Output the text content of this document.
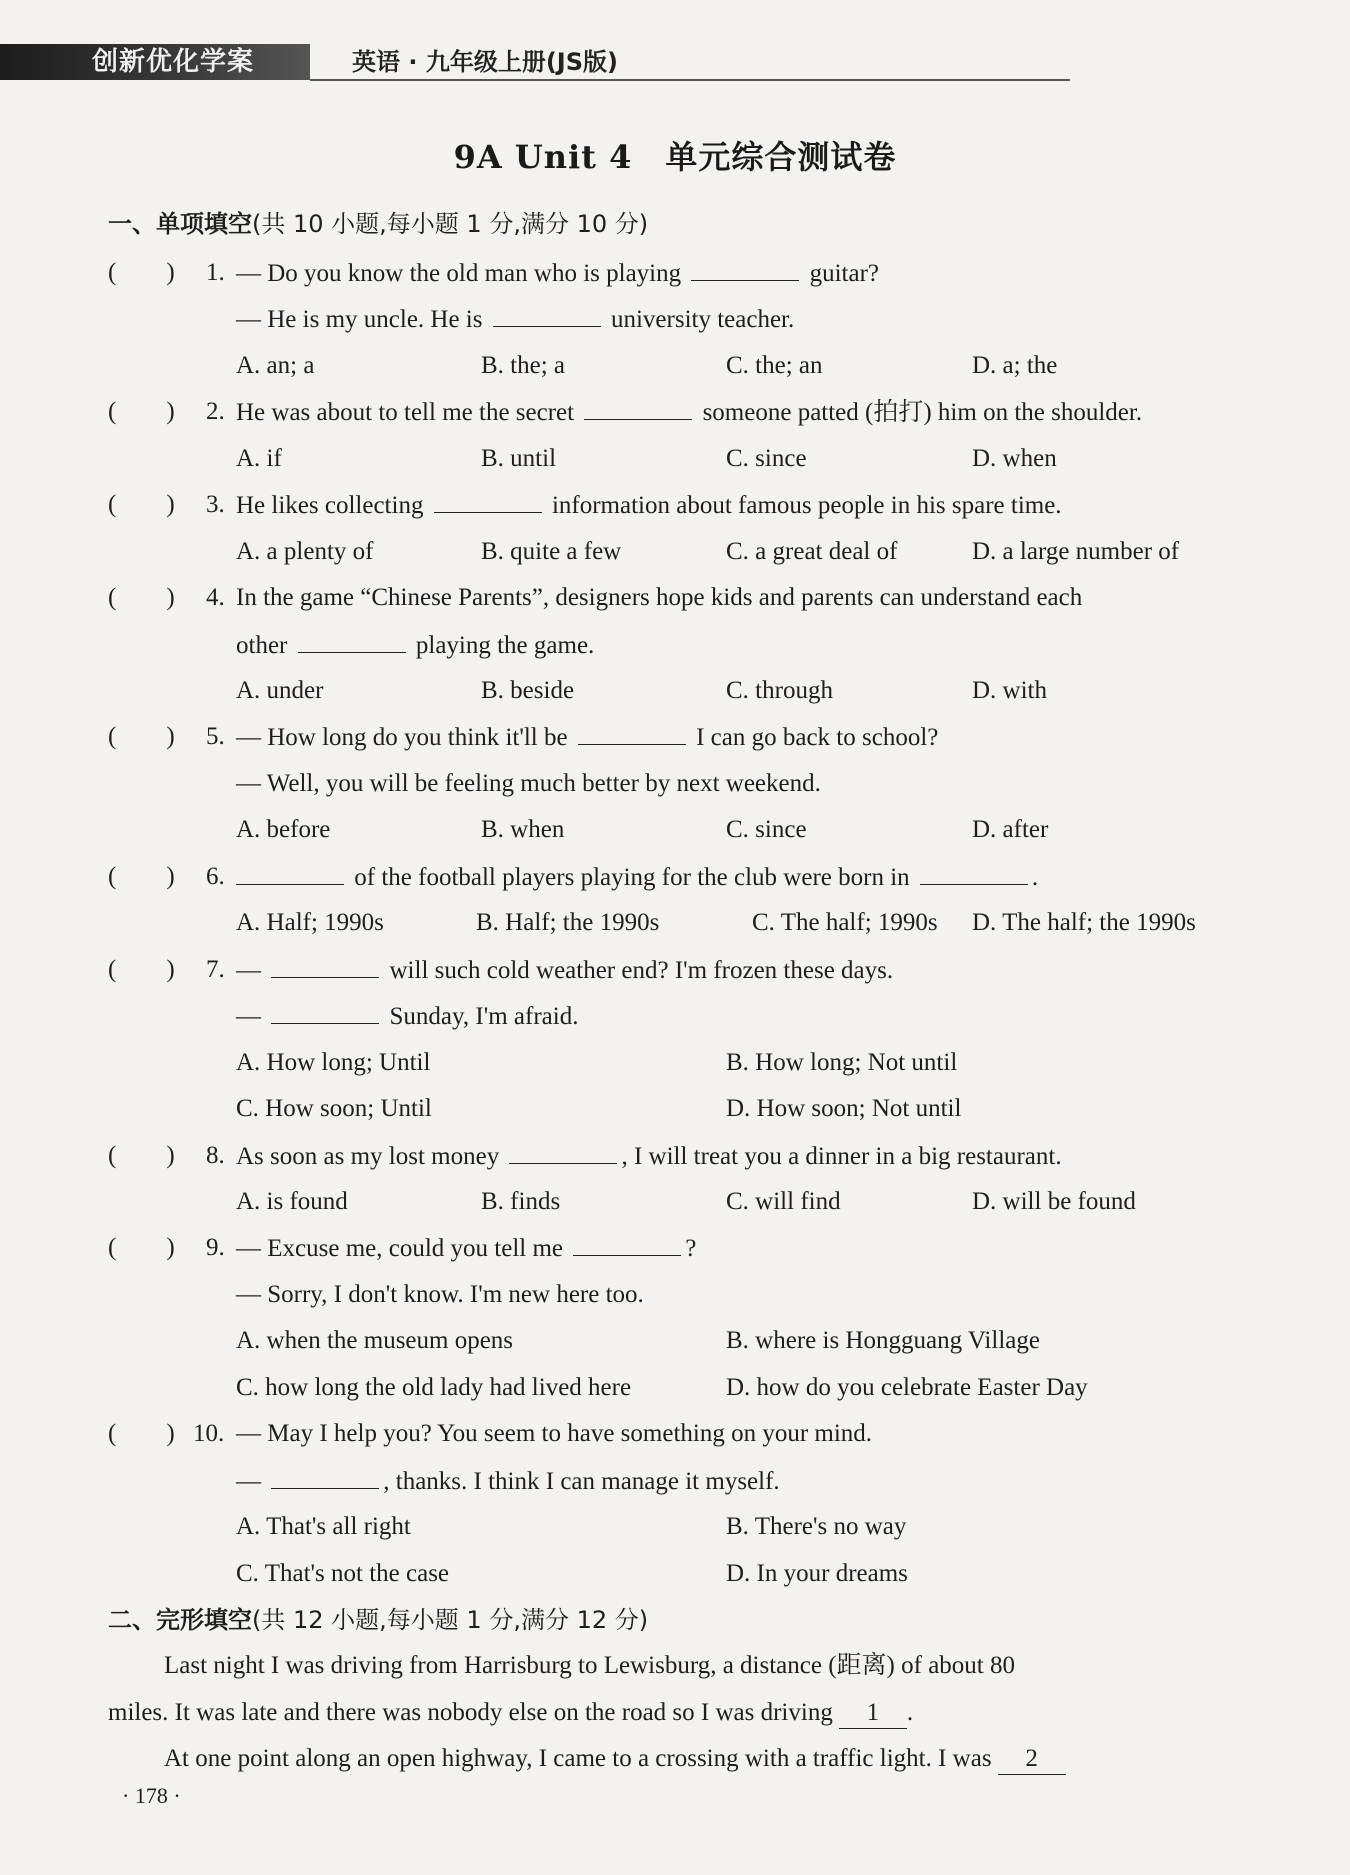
创新优化学案	英语 · 九年级上册(JS版)
9A Unit 4　单元综合测试卷
一、单项填空(共 10 小题,每小题 1 分,满分 10 分)
(　　) 1. — Do you know the old man who is playing	guitar?
— He is my uncle. He is	university teacher.
A. an; a	B. the; a	C. the; an	D. a; the
(　　) 2. He was about to tell me the secret	someone patted (拍打) him on the shoulder.
A. if	B. until	C. since	D. when
(　　) 3. He likes collecting	information about famous people in his spare time.
A. a plenty of	B. quite a few	C. a great deal of	D. a large number of
(　　) 4. In the game “Chinese Parents”, designers hope kids and parents can understand each
other	playing the game.
A. under	B. beside	C. through	D. with
(　　) 5. — How long do you think it'll be	I can go back to school?
— Well, you will be feeling much better by next weekend.
A. before	B. when	C. since	D. after
(　　) 6.	of the football players playing for the club were born in	.
A. Half; 1990s	B. Half; the 1990s	C. The half; 1990s D. The half; the 1990s
(　　) 7. —	will such cold weather end? I'm frozen these days.
—	Sunday, I'm afraid.
A. How long; Until	B. How long; Not until
C. How soon; Until	D. How soon; Not until
(　　) 8. As soon as my lost money	, I will treat you a dinner in a big restaurant.
A. is found	B. finds	C. will find	D. will be found
(　　) 9. — Excuse me, could you tell me	?
— Sorry, I don't know. I'm new here too.
A. when the museum opens	B. where is Hongguang Village
C. how long the old lady had lived here	D. how do you celebrate Easter Day
(　　) 10. — May I help you? You seem to have something on your mind.
—	, thanks. I think I can manage it myself.
A. That's all right	B. There's no way
C. That's not the case	D. In your dreams
二、完形填空(共 12 小题,每小题 1 分,满分 12 分)
Last night I was driving from Harrisburg to Lewisburg, a distance (距离) of about 80
miles. It was late and there was nobody else on the road so I was driving 1 .
At one point along an open highway, I came to a crossing with a traffic light. I was 2
· 178 ·
